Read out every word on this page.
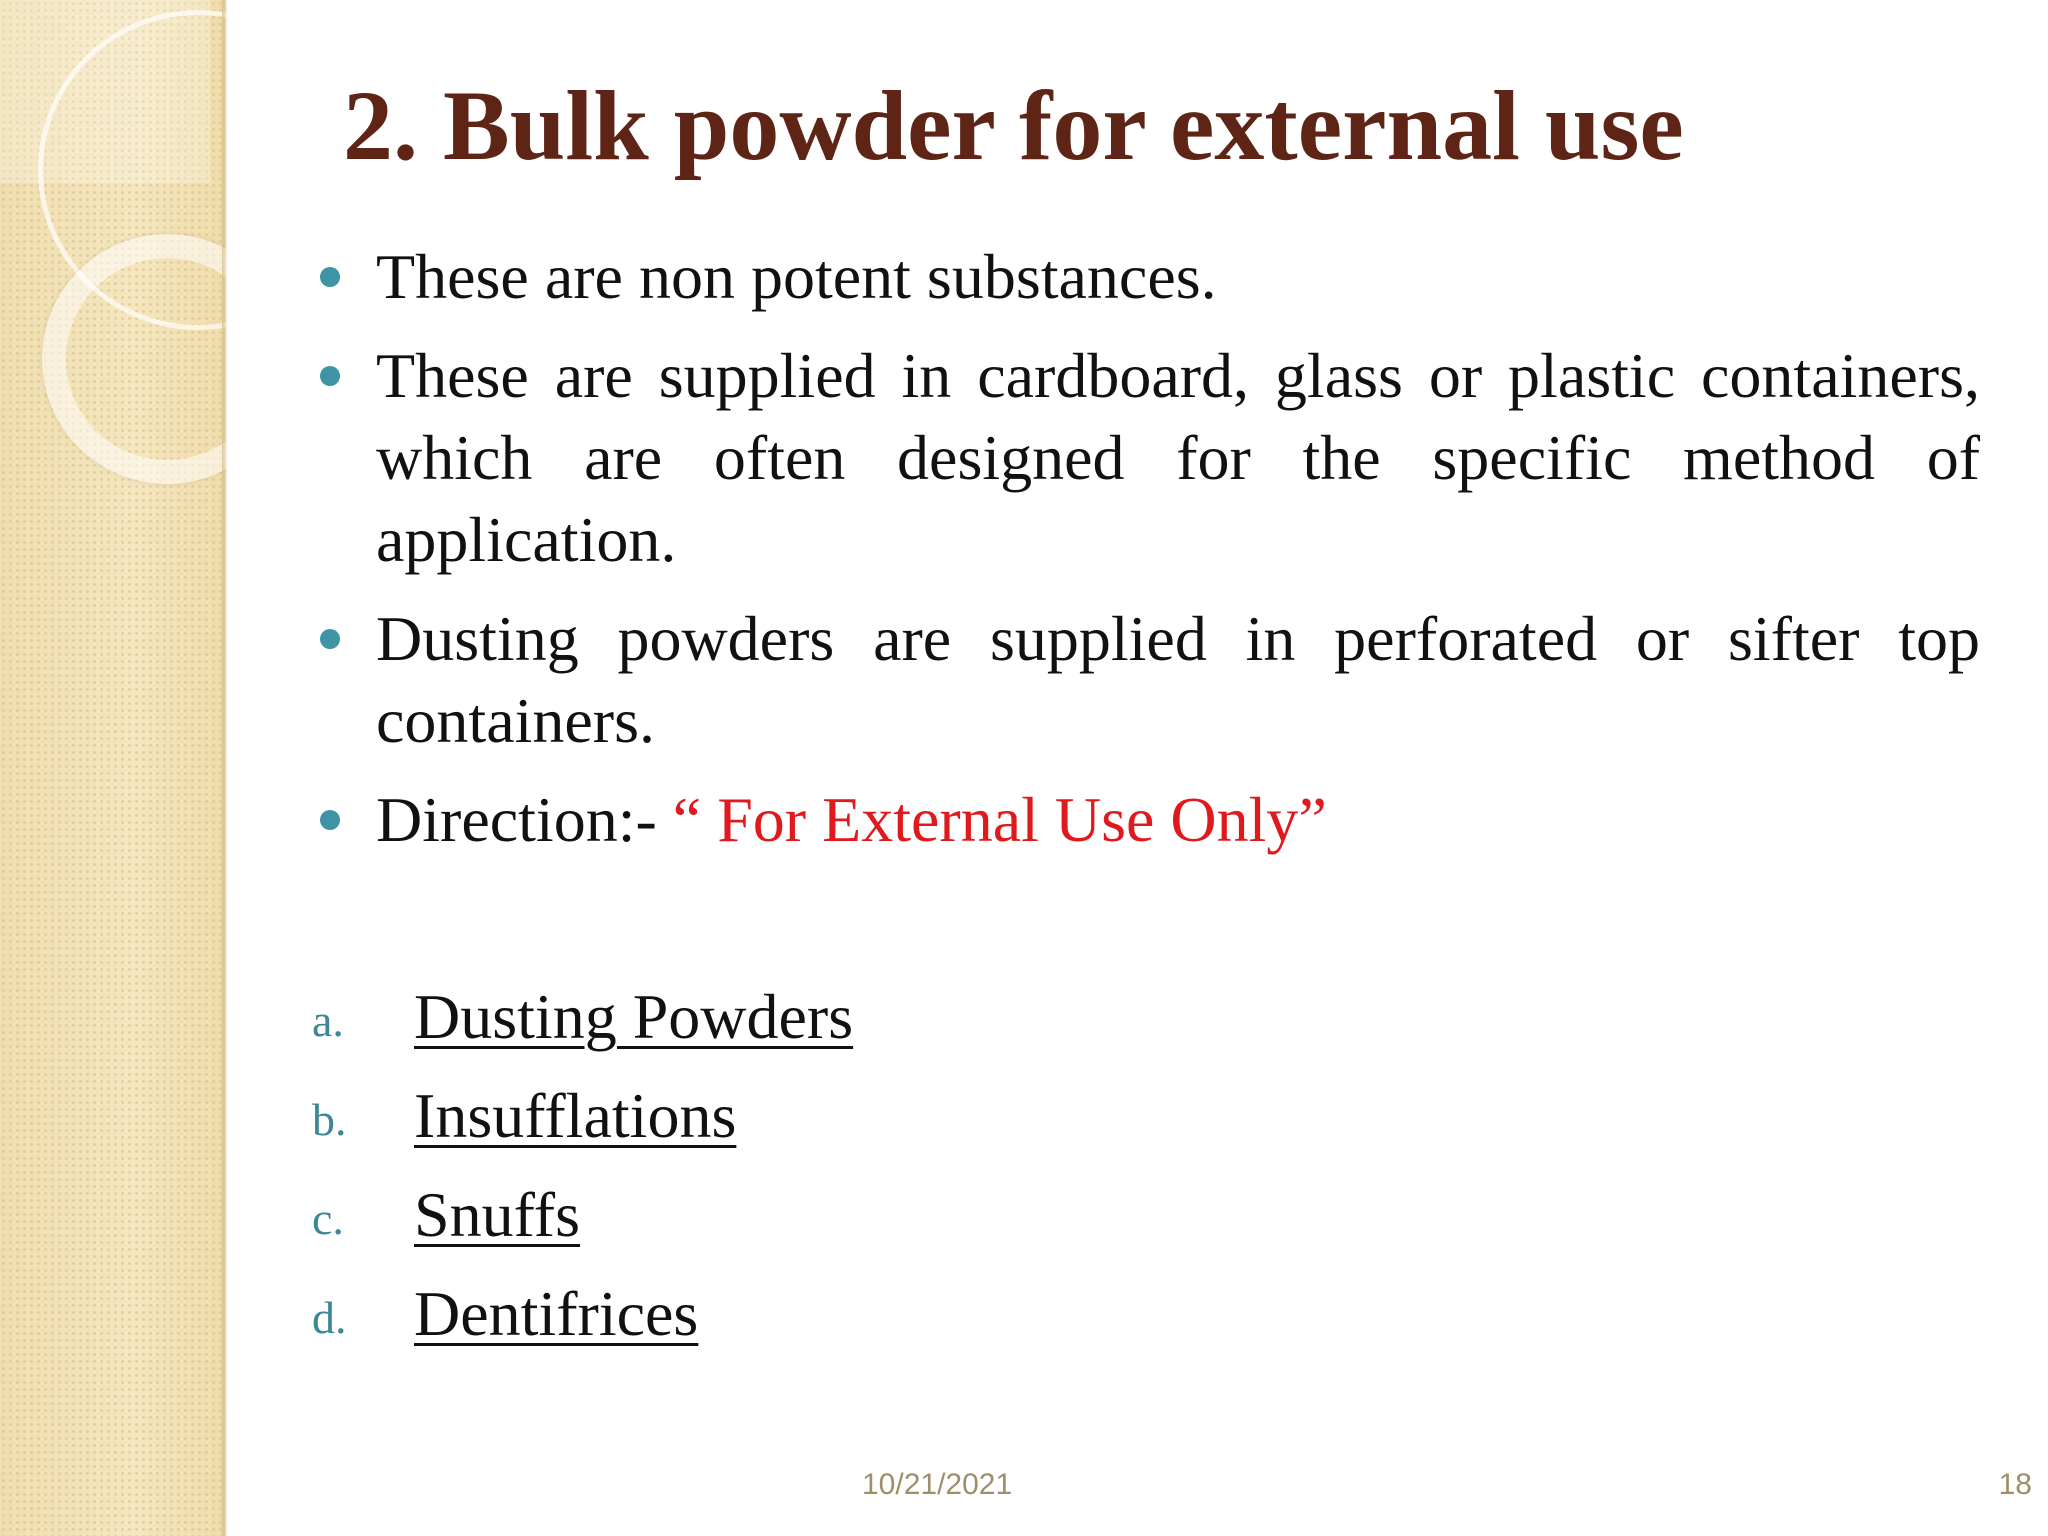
2. Bulk powder for external use
These are non potent substances.
These are supplied in cardboard, glass or plastic containers, which are often designed for the specific method of application.
Dusting powders are supplied in perforated or sifter top containers.
Direction:- “ For External Use Only”
a. Dusting Powders
b. Insufflations
c. Snuffs
d. Dentifrices
10/21/2021	18
